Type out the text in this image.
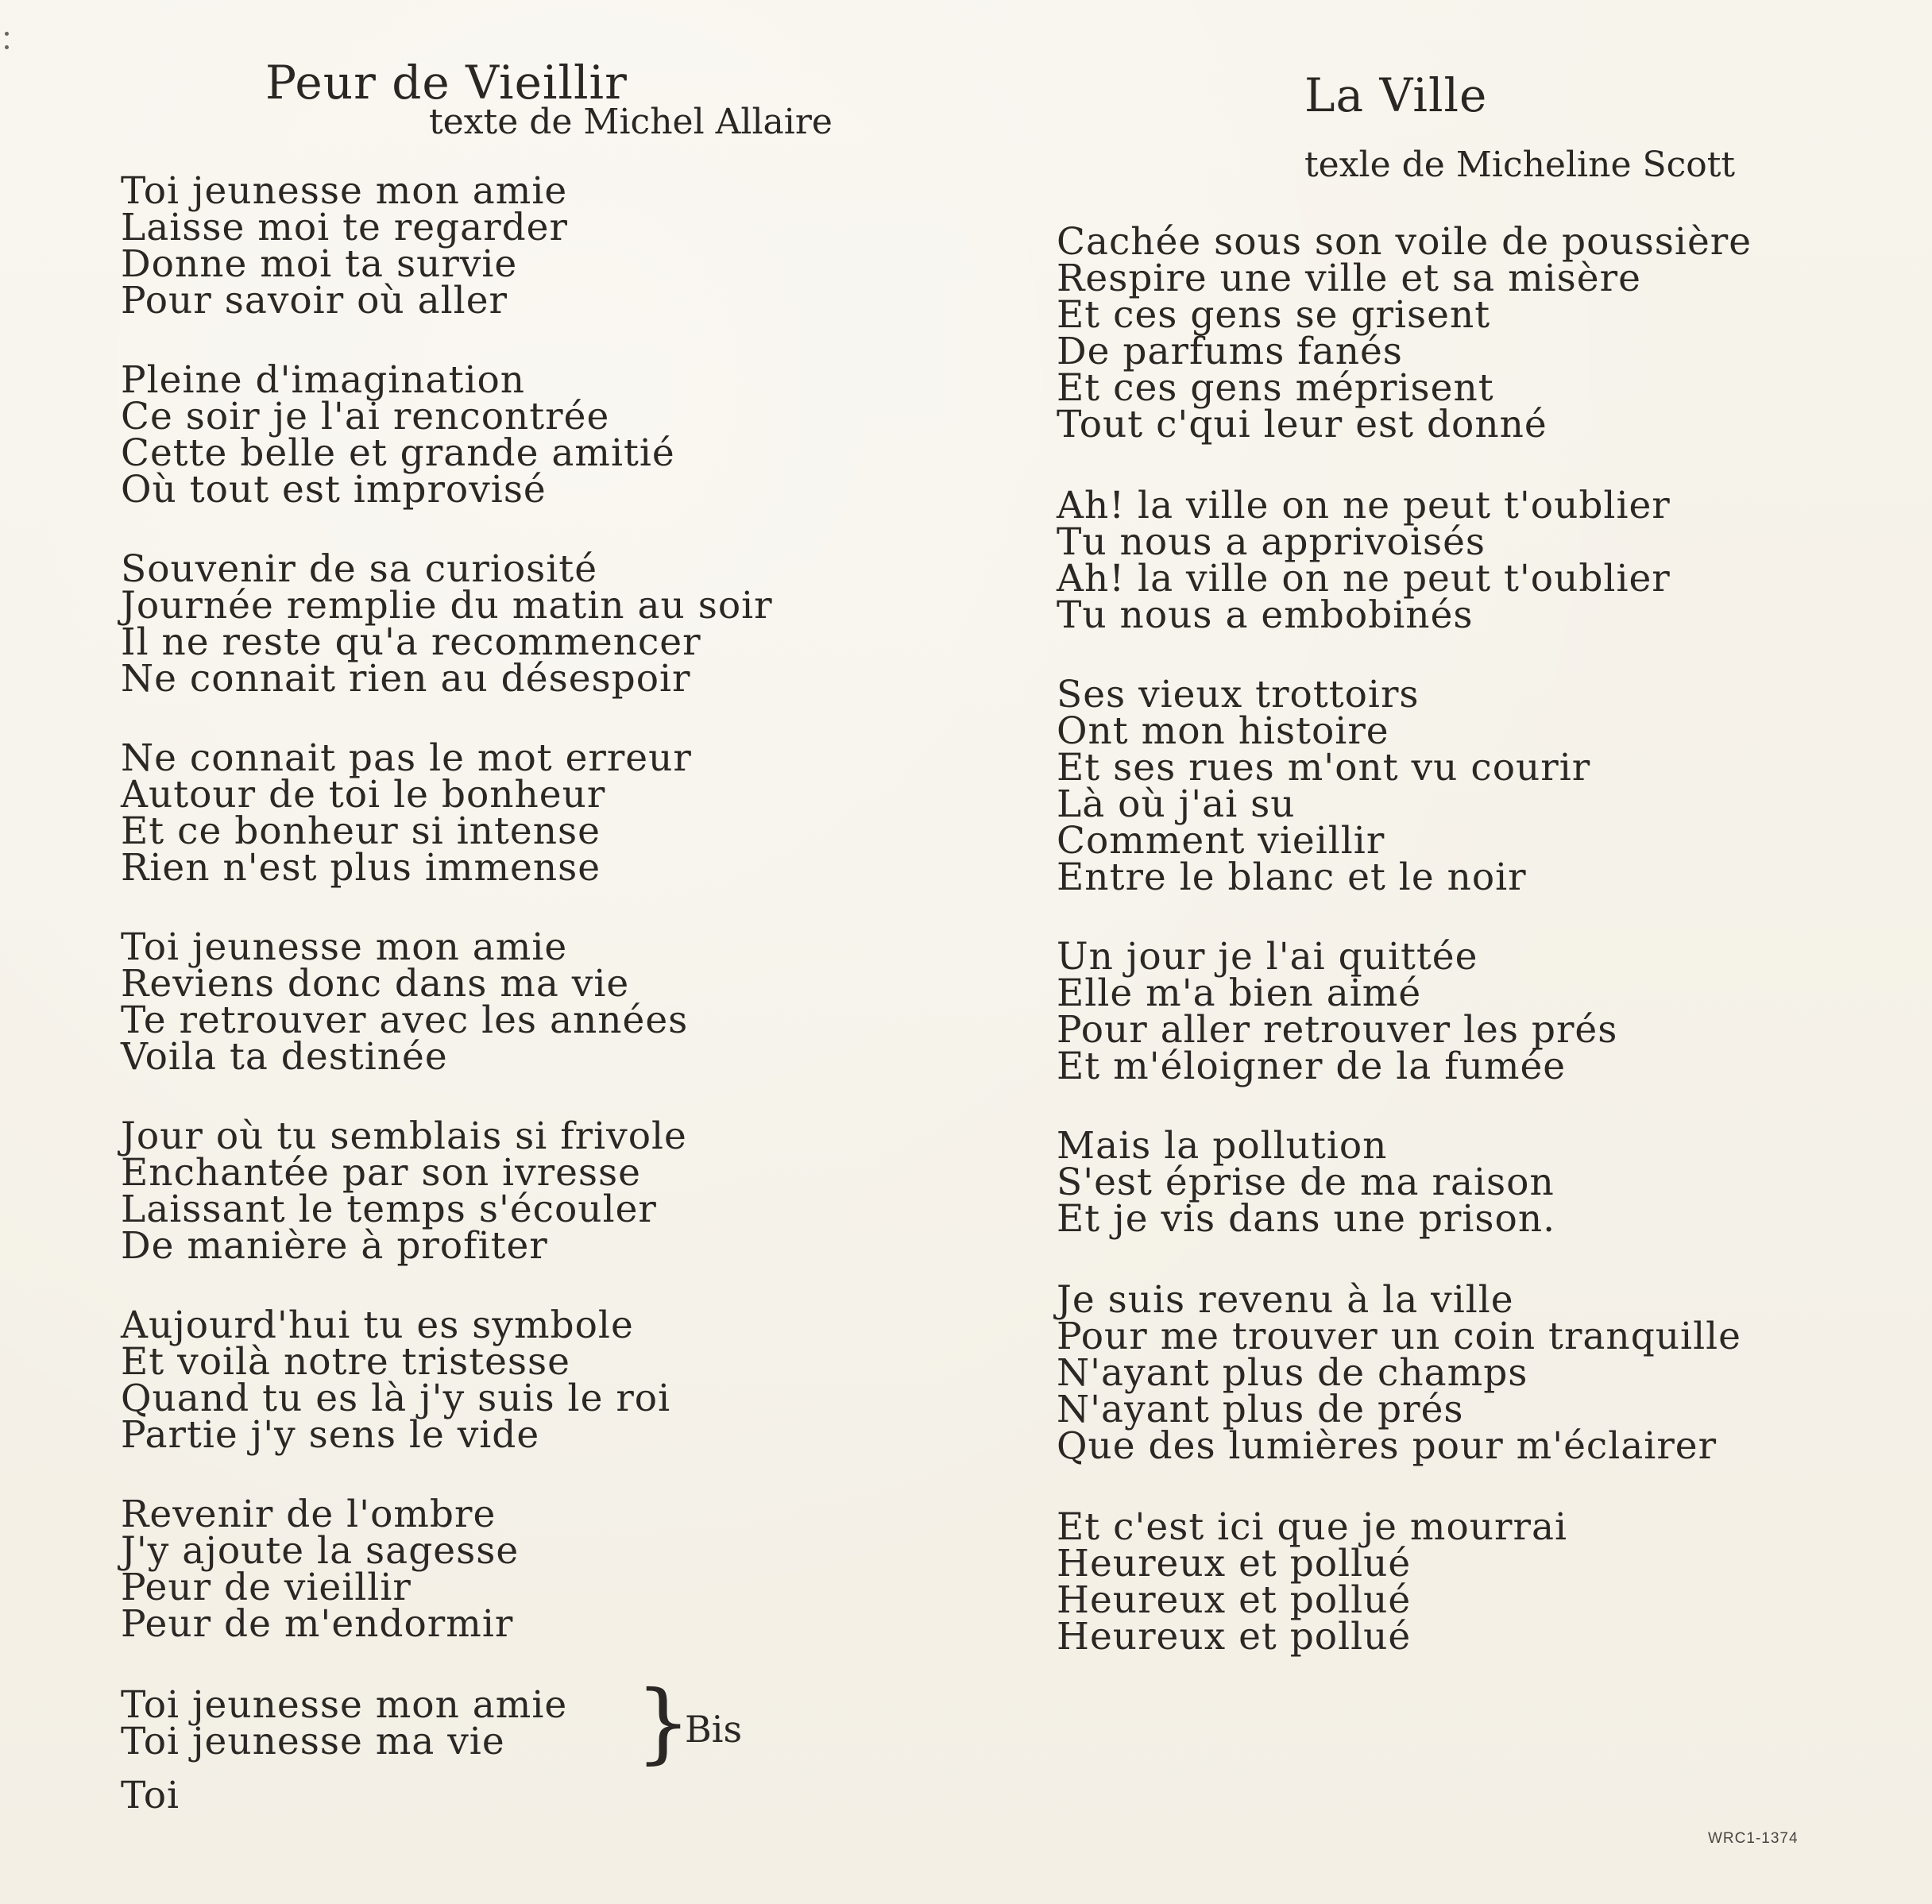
Peur de Vieillir
texte de Michel Allaire
Toi jeunesse mon amie
Laisse moi te regarder
Donne moi ta survie
Pour savoir où aller
Pleine d'imagination
Ce soir je l'ai rencontrée
Cette belle et grande amitié
Où tout est improvisé
Souvenir de sa curiosité
Journée remplie du matin au soir
Il ne reste qu'a recommencer
Ne connait rien au désespoir
Ne connait pas le mot erreur
Autour de toi le bonheur
Et ce bonheur si intense
Rien n'est plus immense
Toi jeunesse mon amie
Reviens donc dans ma vie
Te retrouver avec les années
Voila ta destinée
Jour où tu semblais si frivole
Enchantée par son ivresse
Laissant le temps s'écouler
De manière à profiter
Aujourd'hui tu es symbole
Et voilà notre tristesse
Quand tu es là j'y suis le roi
Partie j'y sens le vide
Revenir de l'ombre
J'y ajoute la sagesse
Peur de vieillir
Peur de m'endormir
Toi jeunesse mon amie
Toi jeunesse ma vie	}
Bis
Toi
La Ville
texle de Micheline Scott
Cachée sous son voile de poussière
Respire une ville et sa misère
Et ces gens se grisent
De parfums fanés
Et ces gens méprisent
Tout c'qui leur est donné
Ah! la ville on ne peut t'oublier
Tu nous a apprivoisés
Ah! la ville on ne peut t'oublier
Tu nous a embobinés
Ses vieux trottoirs
Ont mon histoire
Et ses rues m'ont vu courir
Là où j'ai su
Comment vieillir
Entre le blanc et le noir
Un jour je l'ai quittée
Elle m'a bien aimé
Pour aller retrouver les prés
Et m'éloigner de la fumée
Mais la pollution
S'est éprise de ma raison
Et je vis dans une prison.
Je suis revenu à la ville
Pour me trouver un coin tranquille
N'ayant plus de champs
N'ayant plus de prés
Que des lumières pour m'éclairer
Et c'est ici que je mourrai
Heureux et pollué
Heureux et pollué
Heureux et pollué
WRC1-1374
